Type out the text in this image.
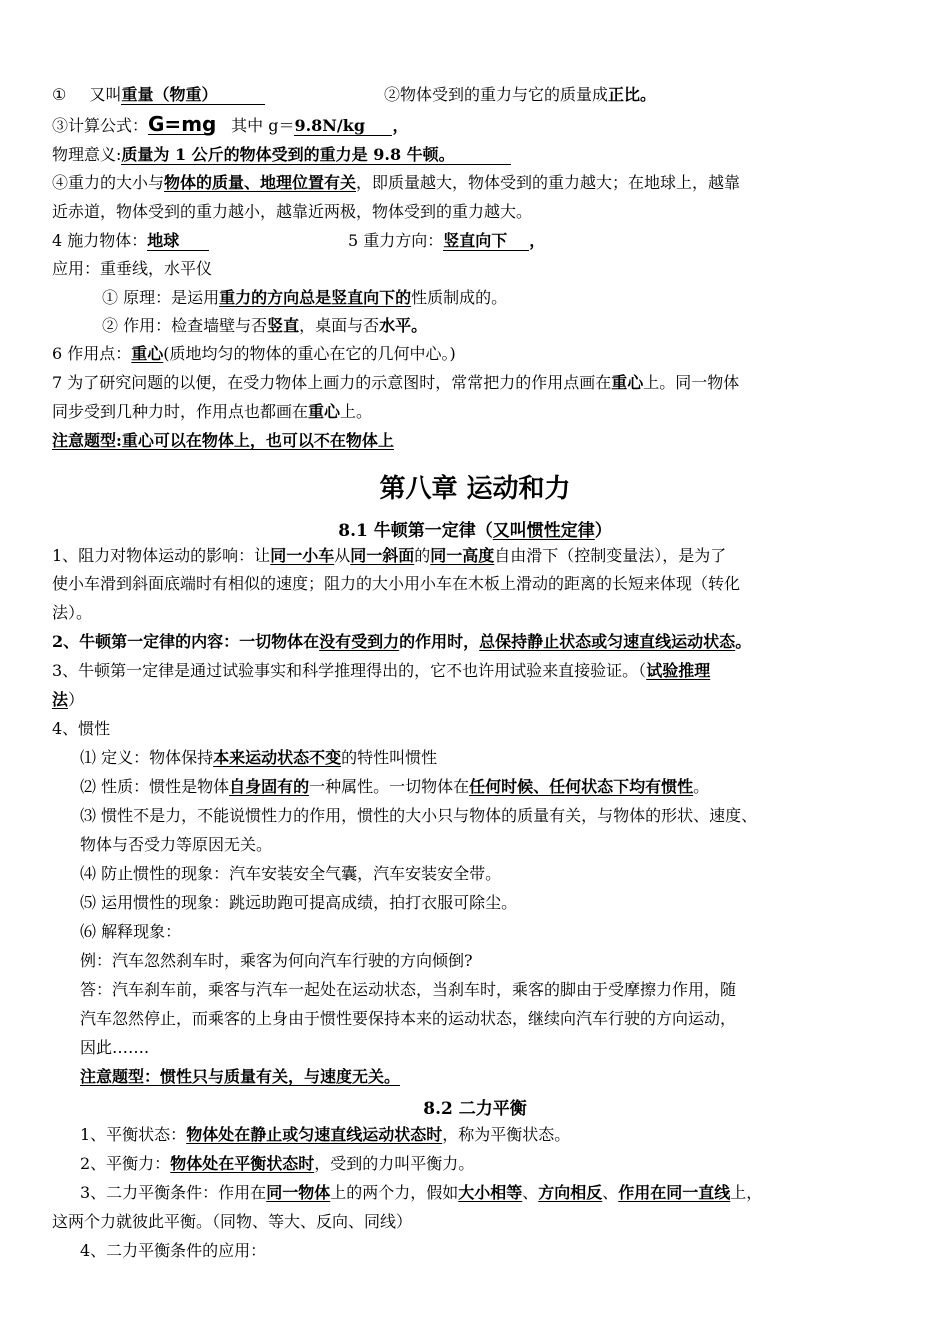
① 又叫重量（物重）	②物体受到的重力与它的质量成正比。
③计算公式：G=mg 其中 g＝9.8N/kg ，
物理意义:质量为 1 公斤的物体受到的重力是 9.8 牛顿。
④重力的大小与物体的质量、地理位置有关，即质量越大，物体受到的重力越大；在地球上，越靠
近赤道，物体受到的重力越小，越靠近两极，物体受到的重力越大。
4 施力物体：地球	5 重力方向：竖直向下 ，
应用：重垂线，水平仪
① 原理：是运用重力的方向总是竖直向下的性质制成的。
② 作用：检查墙壁与否竖直，桌面与否水平。
6 作用点：重心(质地均匀的物体的重心在它的几何中心。)
7 为了研究问题的以便，在受力物体上画力的示意图时，常常把力的作用点画在重心上。同一物体
同步受到几种力时，作用点也都画在重心上。
注意题型:重心可以在物体上，也可以不在物体上
第八章 运动和力
8.1 牛顿第一定律（又叫惯性定律）
1、阻力对物体运动的影响：让同一小车从同一斜面的同一高度自由滑下（控制变量法），是为了
使小车滑到斜面底端时有相似的速度；阻力的大小用小车在木板上滑动的距离的长短来体现（转化
法）。
2、牛顿第一定律的内容：一切物体在没有受到力的作用时，总保持静止状态或匀速直线运动状态。
3、牛顿第一定律是通过试验事实和科学推理得出的，它不也许用试验来直接验证。（试验推理
法）
4、惯性
⑴ 定义：物体保持本来运动状态不变的特性叫惯性
⑵ 性质：惯性是物体自身固有的一种属性。一切物体在任何时候、任何状态下均有惯性。
⑶ 惯性不是力，不能说惯性力的作用，惯性的大小只与物体的质量有关，与物体的形状、速度、
物体与否受力等原因无关。
⑷ 防止惯性的现象：汽车安装安全气囊，汽车安装安全带。
⑸ 运用惯性的现象：跳远助跑可提高成绩，拍打衣服可除尘。
⑹ 解释现象：
例：汽车忽然刹车时，乘客为何向汽车行驶的方向倾倒?
答：汽车刹车前，乘客与汽车一起处在运动状态，当刹车时，乘客的脚由于受摩擦力作用，随
汽车忽然停止，而乘客的上身由于惯性要保持本来的运动状态，继续向汽车行驶的方向运动，
因此…….
注意题型：惯性只与质量有关，与速度无关。
8.2 二力平衡
1、平衡状态：物体处在静止或匀速直线运动状态时，称为平衡状态。
2、平衡力：物体处在平衡状态时，受到的力叫平衡力。
3、二力平衡条件：作用在同一物体上的两个力，假如大小相等、方向相反、作用在同一直线上，
这两个力就彼此平衡。（同物、等大、反向、同线）
4、二力平衡条件的应用：
